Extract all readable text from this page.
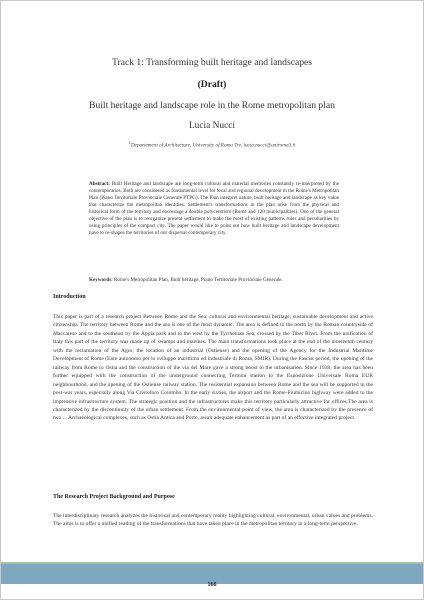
Track 1: Transforming built heritage and landscapes
(Draft)
Built heritage and landscape role in the Rome metropolitan plan
Lucia Nucci
$^1$Departement of Architecture, University of Roma Tre, lucia.nucci@uniroma3.it
Abstract: Built Heritage and landscape are long-term cultural and material memories constantly re-interpreted by the contemporaries. Both are considered as fundamental level for local and regional development in the Rome's Metropolitan Plan (Piano Territoriale Provinciale Generale PTPG). The Plan interpret nature, built heritage and landscape as key value that characterize the metropolitan identities. Settlement's transformations in the plan arise from the physical and historical form of the territory and encourage a double polycentrism (Rome and 120 municipalities). One of the general objective of the plan is to reorganize present settlement to make the most of existing patterns rules and peculiarities by using principles of the compact city. The paper would like to point out how built heritage and landscape development have to re-shapes the territories of our dispersal contemporary city.
Keywords: Rome's Metropolitan Plan, Built heritage, Piano Territoriale Provinciale Generale.
Introduction
This paper is part of a research project Between Rome and the Sea: cultural and environmental heritage, sustainable development and active citizenship. The territory between Rome and the sea is one of the most dynamic. The area is defined to the north by the Roman countryside of Maccarese and to the southeast by the Appia park and to the west by the Tyrrhenian Sea, crossed by the Tiber River. From the unification of Italy this part of the territory was made up of swamps and marshes. The main transformations took place at the end of the nineteenth century with the reclamation of the Agro, the location of an industrial (Ostiense) and the opening of the Agency for the Industrial Maritime Development of Rome (Ente autonomo per lo sviluppo marittimo ed industriale di Roma, SMIR). During the Fascist period, the opening of the railway from Rome to Ostia and the construction of the via del Mare gave a strong boost to the urbanisation. Since 1938, the area has been further equipped with the construction of the underground connecting Termini station to the Esposizione Universale Roma EUR neighbourhood, and the opening of the Ostiense railway station. The residential expansion between Rome and the sea will be supported in the post-war years, especially along Via Cristoforo Colombo. In the early sixties, the airport and the Rome-Fiumicino highway were added to the impressive infrastructure system. The strategic position and the infrastructures make this territory particularly attractive for offices.The area is characterized by the discontinuity of the urban settlement. From the environmental point of view, the area is characterized by the presence of two ... Archaeological complexes, such as Ostia Antica and Porto, await adequate enhancement as part of an effective integrated project.
The Research Project Background and Purpose
The interdisciplinary research analyzes the historical and contemporary reality highlighting cultural, environmental, urban values and problems. The aims is to offer a unified reading of the transformations that have taken place in the metropolitan territory in a long-term perspective.
166
